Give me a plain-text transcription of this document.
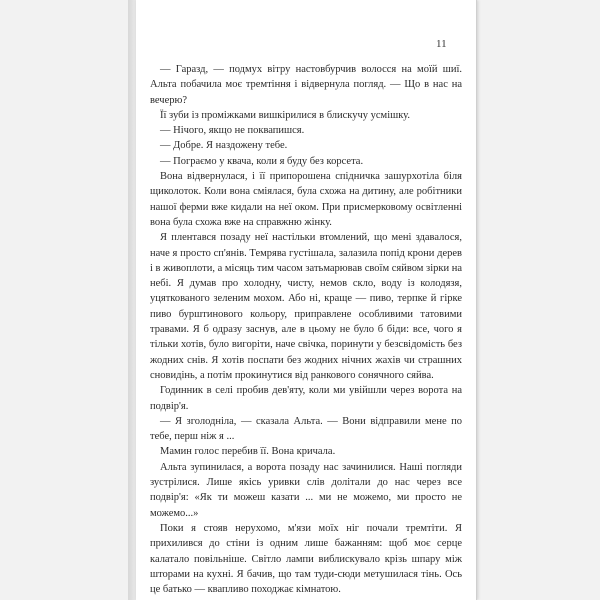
11

— Гаразд, — подмух вітру настовбурчив волосся на моїй шиї. Альта побачила моє тремтіння і відвернула погляд. — Що в нас на вечерю?

Її зуби із проміжками вишкірилися в блискучу усмішку.

— Нічого, якщо не поквапишся.

— Добре. Я наздожену тебе.

— Пограємо у квача, коли я буду без корсета.

Вона відвернулася, і її припорошена спідничка зашурхотіла біля щиколоток. Коли вона сміялася, була схожа на дитину, але робітники нашої ферми вже кидали на неї оком. При присмерковому освітленні вона була схожа вже на справжню жінку.

Я плентався позаду неї настільки втомлений, що мені здавалося, наче я просто сп'янів. Темрява густішала, залазила попід крони дерев і в живоплоти, а місяць тим часом затьмарював своїм сяйвом зірки на небі. Я думав про холодну, чисту, немов скло, воду із колодязя, уцяткованого зеленим мохом. Або ні, краще — пиво, терпке й гірке пиво бурштинового кольору, приправлене особливими татовими травами. Я б одразу заснув, але в цьому не було б біди: все, чого я тільки хотів, було вигоріти, наче свічка, поринути у безсвідомість без жодних снів. Я хотів поспати без жодних нічних жахів чи страшних сновидінь, а потім прокинутися від ранкового сонячного сяйва.

Годинник в селі пробив дев'яту, коли ми увійшли через ворота на подвір'я.

— Я зголодніла, — сказала Альта. — Вони відправили мене по тебе, перш ніж я ...

Мамин голос перебив її. Вона кричала.

Альта зупинилася, а ворота позаду нас зачинилися. Наші погляди зустрілися. Лише якісь уривки слів долітали до нас через все подвір'я: «Як ти можеш казати ... ми не можемо, ми просто не можемо...»

Поки я стояв нерухомо, м'язи моїх ніг почали тремтіти. Я прихилився до стіни із одним лише бажанням: щоб моє серце калатало повільніше. Світло лампи виблискувало крізь шпару між шторами на кухні. Я бачив, що там туди-сюди метушилася тінь. Ось це батько — квапливо походжає кімнатою.
